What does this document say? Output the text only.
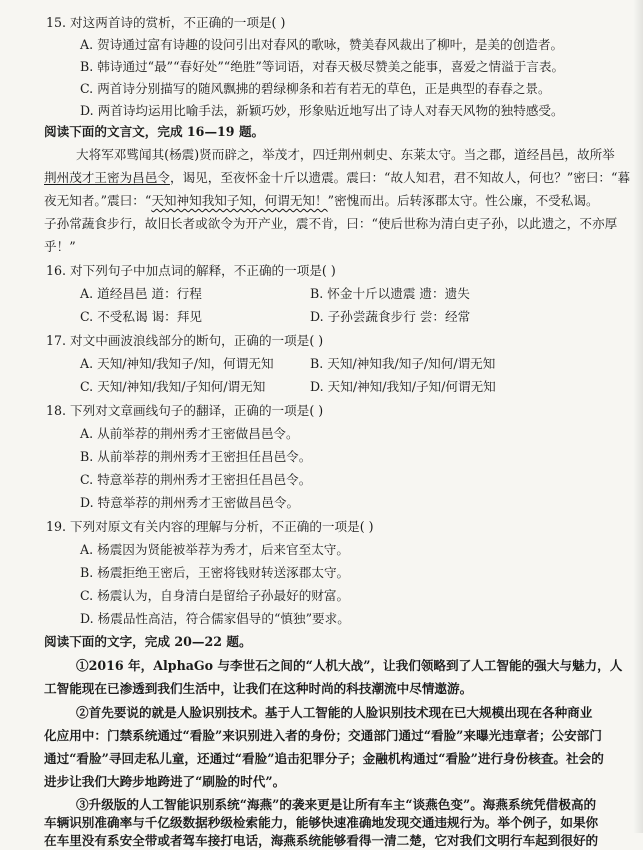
15. 对这两首诗的赏析，不正确的一项是( )
A. 贺诗通过富有诗趣的设问引出对春风的歌咏，赞美春风裁出了柳叶，是美的创造者。
B. 韩诗通过“最”“春好处”“绝胜”等词语，对春天极尽赞美之能事，喜爱之情溢于言表。
C. 两首诗分别描写的随风飘拂的碧绿柳条和若有若无的草色，正是典型的春春之景。
D. 两首诗均运用比喻手法，新颖巧妙，形象贴近地写出了诗人对春天风物的独特感受。
阅读下面的文言文，完成 16—19 题。
大将军邓骘闻其(杨震)贤而辟之，举茂才，四迁荆州刺史、东莱太守。当之郡，道经昌邑，故所举
荆州茂才王密为昌邑令，谒见，至夜怀金十斤以遗震。震曰：“故人知君，君不知故人，何也？”密曰：“暮
夜无知者。”震曰：“天知神知我知子知，何谓无知！”密愧而出。后转涿郡太守。性公廉，不受私谒。
子孙常蔬食步行，故旧长者或欲令为开产业，震不肯，曰：“使后世称为清白吏子孙，以此遗之，不亦厚
乎！”
16. 对下列句子中加点词的解释，不正确的一项是( )
A. 道经昌邑 道：行程	B. 怀金十斤以遗震 遗：遗失
C. 不受私谒 谒：拜见	D. 子孙尝蔬食步行 尝：经常
17. 对文中画波浪线部分的断句，正确的一项是( )
A. 天知/神知/我知子/知，何谓无知	B. 天知/神知我/知子/知何/谓无知
C. 天知/神知/我知/子知何/谓无知	D. 天知/神知/我知/子知/何谓无知
18. 下列对文章画线句子的翻译，正确的一项是( )
A. 从前举荐的荆州秀才王密做昌邑令。
B. 从前举荐的荆州秀才王密担任昌邑令。
C. 特意举荐的荆州秀才王密担任昌邑令。
D. 特意举荐的荆州秀才王密做昌邑令。
19. 下列对原文有关内容的理解与分析，不正确的一项是( )
A. 杨震因为贤能被举荐为秀才，后来官至太守。
B. 杨震拒绝王密后，王密将钱财转送涿郡太守。
C. 杨震认为，自身清白是留给子孙最好的财富。
D. 杨震品性高洁，符合儒家倡导的“慎独”要求。
阅读下面的文字，完成 20—22 题。
①2016 年，AlphaGo 与李世石之间的“人机大战”，让我们领略到了人工智能的强大与魅力，人
工智能现在已渗透到我们生活中，让我们在这种时尚的科技潮流中尽情遨游。
②首先要说的就是人脸识别技术。基于人工智能的人脸识别技术现在已大规模出现在各种商业
化应用中：门禁系统通过“看脸”来识别进入者的身份；交通部门通过“看脸”来曝光违章者；公安部门
通过“看脸”寻回走私儿童，还通过“看脸”追击犯罪分子；金融机构通过“看脸”进行身份核查。社会的
进步让我们大跨步地跨进了“刷脸的时代”。
③升级版的人工智能识别系统“海燕”的袭来更是让所有车主“谈燕色变”。海燕系统凭借极高的
车辆识别准确率与千亿级数据秒级检索能力，能够快速准确地发现交通违规行为。举个例子，如果你
在车里没有系安全带或者驾车接打电话，海燕系统能够看得一清二楚，它对我们文明行车起到很好的
